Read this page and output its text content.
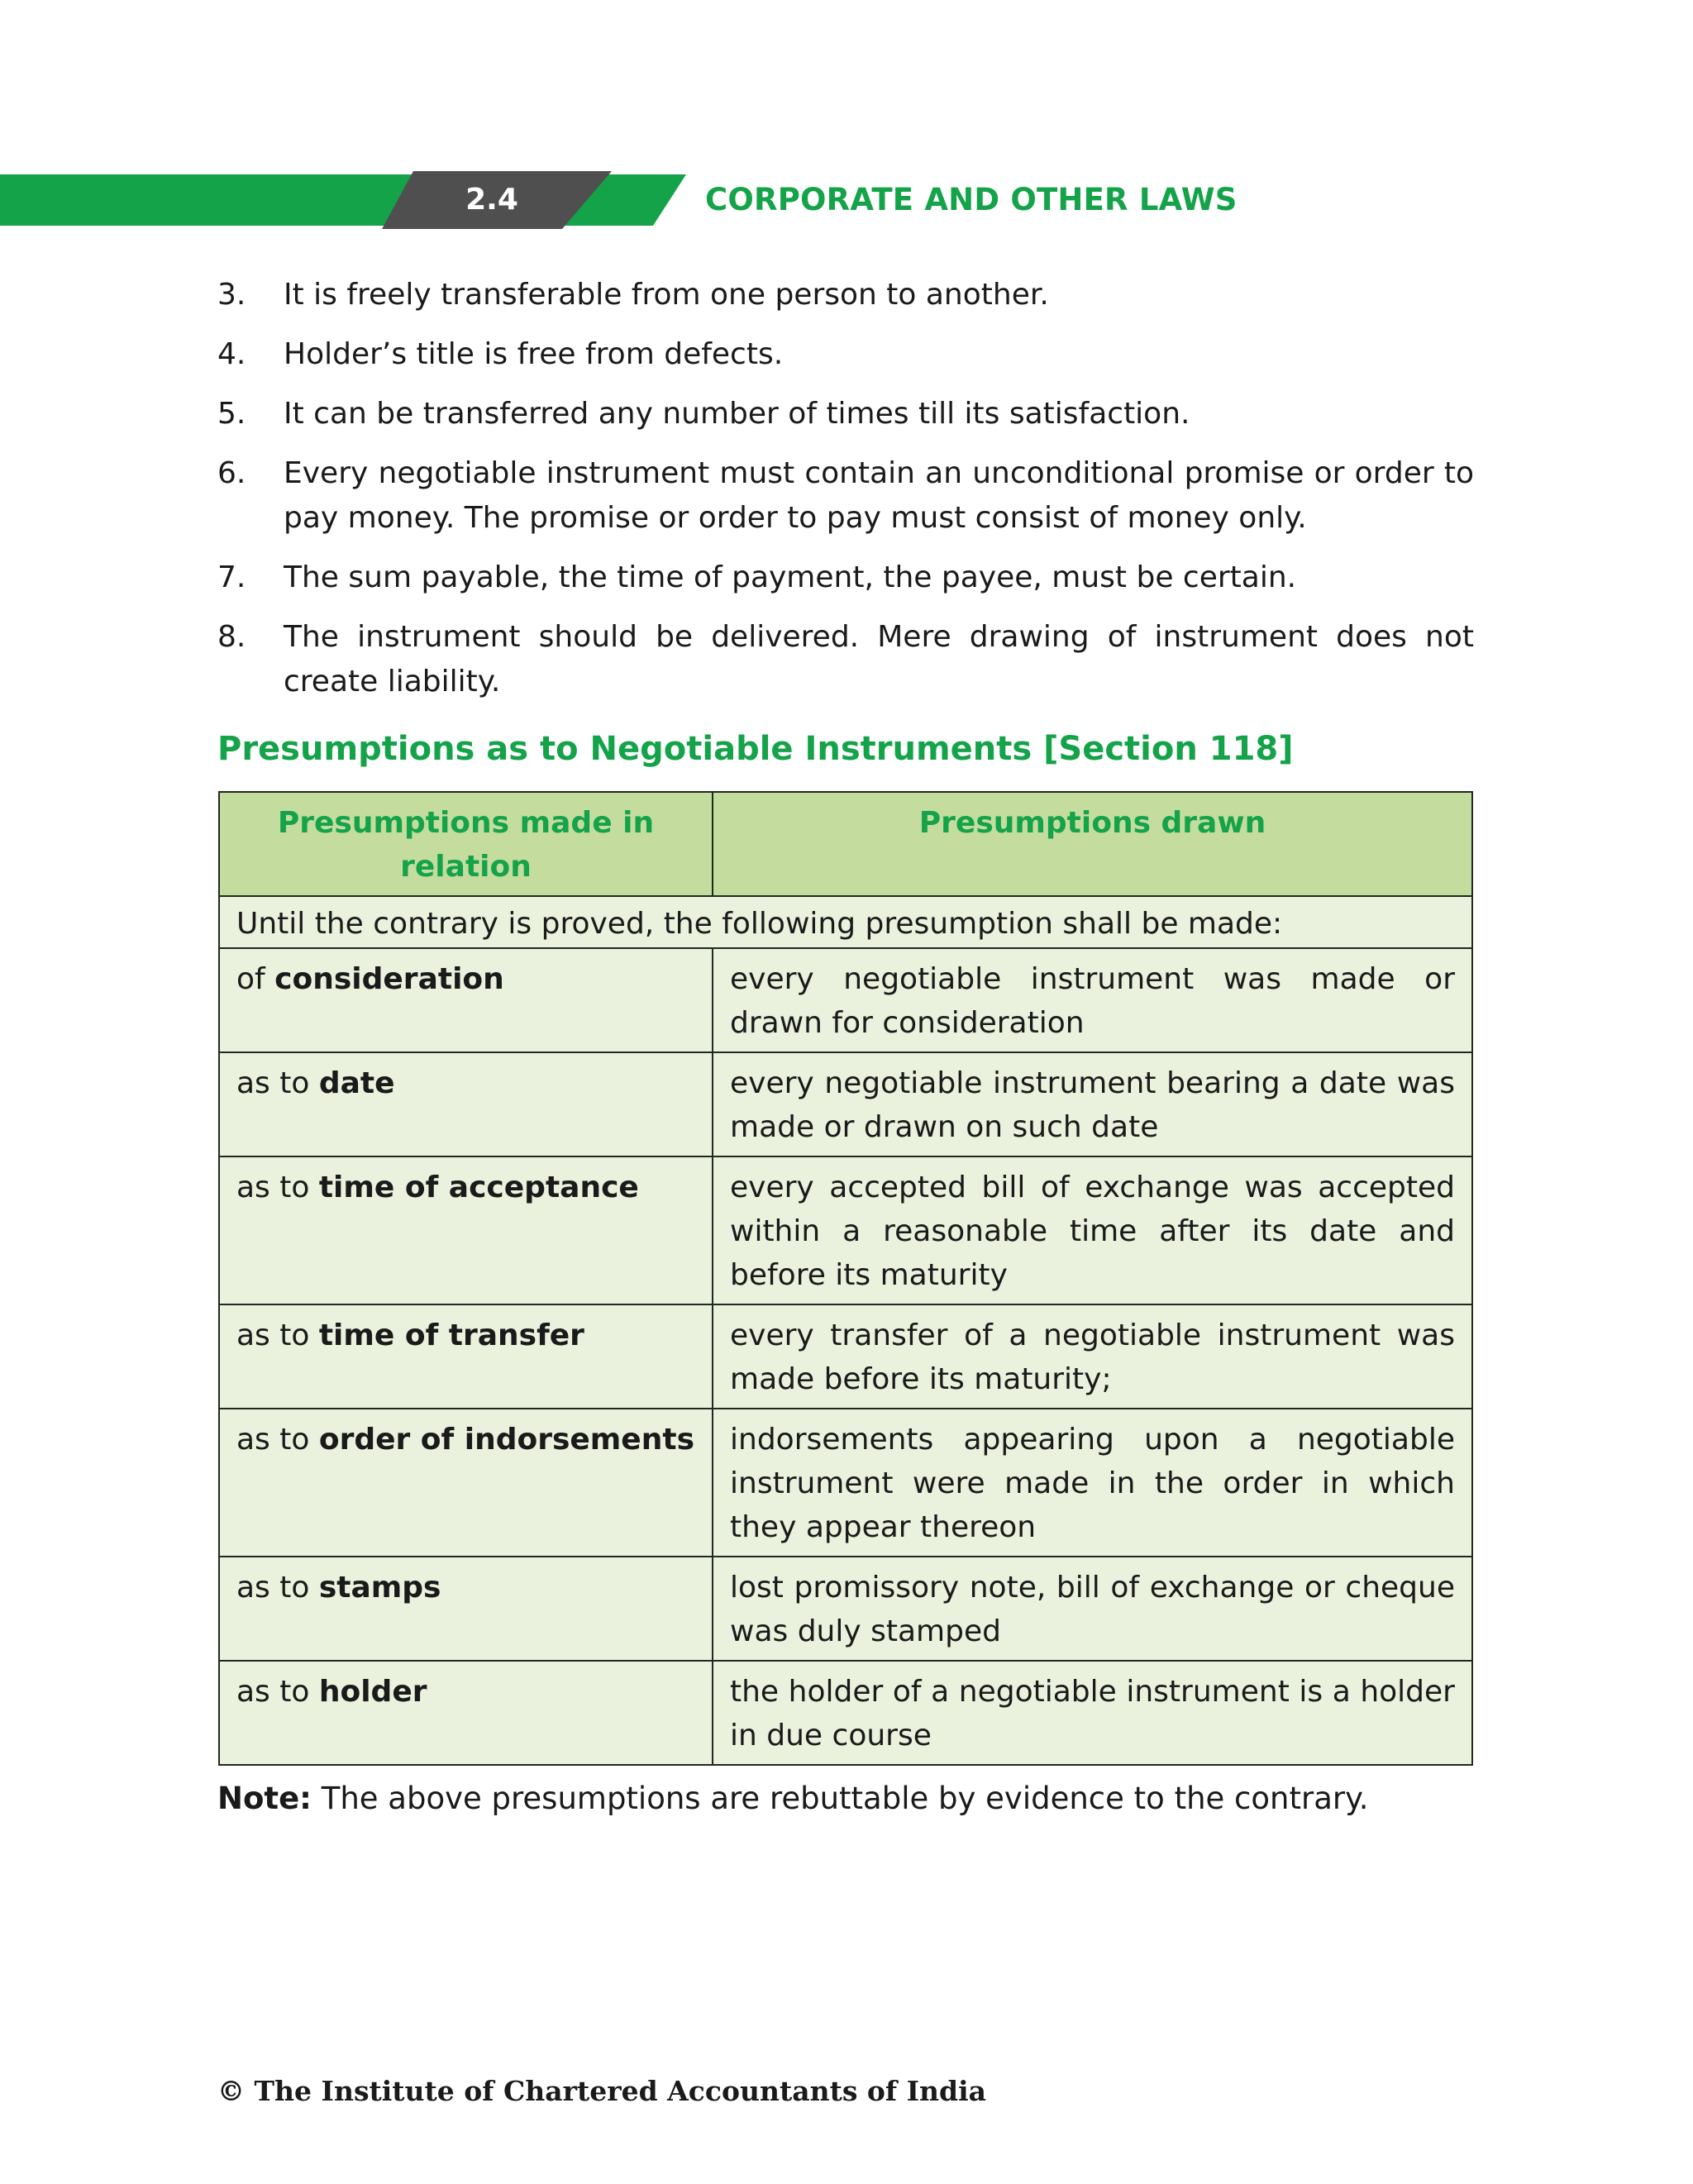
2.4	CORPORATE AND OTHER LAWS
3.	It is freely transferable from one person to another.
4.	Holder’s title is free from defects.
5.	It can be transferred any number of times till its satisfaction.
6.	Every negotiable instrument must contain an unconditional promise or order to pay money. The promise or order to pay must consist of money only.
7.	The sum payable, the time of payment, the payee, must be certain.
8.	The instrument should be delivered. Mere drawing of instrument does not create liability.
Presumptions as to Negotiable Instruments [Section 118]
Presumptions made in relation	Presumptions drawn
Until the contrary is proved, the following presumption shall be made:	
of consideration	every negotiable instrument was made or drawn for consideration
as to date	every negotiable instrument bearing a date was made or drawn on such date
as to time of acceptance	every accepted bill of exchange was accepted within a reasonable time after its date and before its maturity
as to time of transfer	every transfer of a negotiable instrument was made before its maturity;
as to order of indorsements	indorsements appearing upon a negotiable instrument were made in the order in which they appear thereon
as to stamps	lost promissory note, bill of exchange or cheque was duly stamped
as to holder	the holder of a negotiable instrument is a holder in due course
Note: The above presumptions are rebuttable by evidence to the contrary.
© The Institute of Chartered Accountants of India
